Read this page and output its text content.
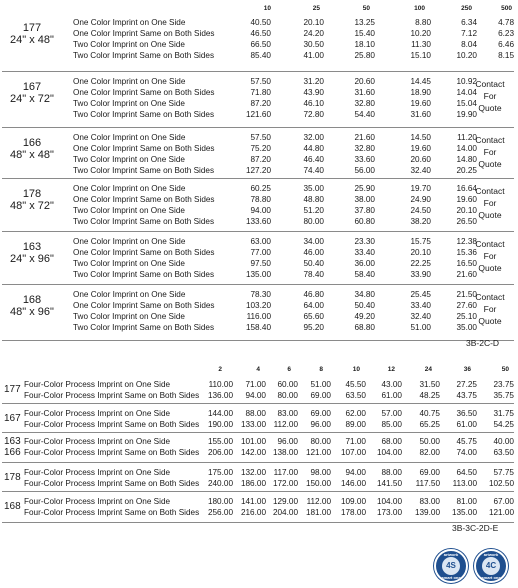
10	25	50	100	250	500
177
24" x 48"
One Color Imprint on One Side	40.50	20.10	13.25	8.80	6.34	4.78
One Color Imprint Same on Both Sides	46.50	24.20	15.40	10.20	7.12	6.23
Two Color Imprint on One Side	66.50	30.50	18.10	11.30	8.04	6.46
Two Color Imprint Same on Both Sides	85.40	41.00	25.80	15.10	10.20	8.15
167
24" x 72"
One Color Imprint on One Side	57.50	31.20	20.60	14.45	10.92
One Color Imprint Same on Both Sides	71.80	43.90	31.60	18.90	14.04
Two Color Imprint on One Side	87.20	46.10	32.80	19.60	15.04
Two Color Imprint Same on Both Sides	121.60	72.80	54.40	31.60	19.90
Contact
For
Quote
166
48" x 48"
One Color Imprint on One Side	57.50	32.00	21.60	14.50	11.20
One Color Imprint Same on Both Sides	75.20	44.80	32.80	19.60	14.00
Two Color Imprint on One Side	87.20	46.40	33.60	20.60	14.80
Two Color Imprint Same on Both Sides	127.20	74.40	56.00	32.40	20.25
Contact
For
Quote
178
48" x 72"
One Color Imprint on One Side	60.25	35.00	25.90	19.70	16.64
One Color Imprint Same on Both Sides	78.80	48.80	38.00	24.90	19.60
Two Color Imprint on One Side	94.00	51.20	37.80	24.50	20.10
Two Color Imprint Same on Both Sides	133.60	80.00	60.80	38.20	26.50
Contact
For
Quote
163
24" x 96"
One Color Imprint on One Side	63.00	34.00	23.30	15.75	12.38
One Color Imprint Same on Both Sides	77.00	46.00	33.40	20.10	15.36
Two Color Imprint on One Side	97.50	50.40	36.00	22.25	16.50
Two Color Imprint Same on Both Sides	135.00	78.40	58.40	33.90	21.60
Contact
For
Quote
168
48" x 96"
One Color Imprint on One Side	78.30	46.80	34.80	25.45	21.50
One Color Imprint Same on Both Sides	103.20	64.00	50.40	33.40	27.60
Two Color Imprint on One Side	116.00	65.60	49.20	32.40	25.10
Two Color Imprint Same on Both Sides	158.40	95.20	68.80	51.00	35.00
Contact
For
Quote
2	4	6	8	10	12	24	36	50
177 Four-Color Process Imprint on One Side	110.00	71.00	60.00	51.00	45.50	43.00	31.50	27.25	23.75
Four-Color Process Imprint Same on Both Sides	136.00	94.00	80.00	69.00	63.50	61.00	48.25	43.75	35.75
167 Four-Color Process Imprint on One Side	144.00	88.00	83.00	69.00	62.00	57.00	40.75	36.50	31.75
Four-Color Process Imprint Same on Both Sides	190.00 133.00 112.00	96.00	89.00	85.00	65.25	61.00	54.25
163
166
Four-Color Process Imprint on One Side	155.00 101.00	96.00	80.00	71.00	68.00	50.00	45.75	40.00
Four-Color Process Imprint Same on Both Sides	206.00 142.00 138.00 121.00	107.00	104.00	82.00	74.00	63.50
178 Four-Color Process Imprint on One Side	175.00 132.00 117.00	98.00	94.00	88.00	69.00	64.50	57.75
Four-Color Process Imprint Same on Both Sides	240.00 186.00 172.00 150.00	146.00	141.50	117.50	113.00	102.50
168 Four-Color Process Imprint on One Side	180.00 141.00 129.00	112.00	109.00	104.00	83.00	81.00	67.00
Four-Color Process Imprint Same on Both Sides	256.00 216.00 204.00 181.00	178.00	173.00	139.00	135.00	121.00
3B-2C-D
3B-3C-2D-E
artwork
4S
smart one
artwork
4C
smart one
